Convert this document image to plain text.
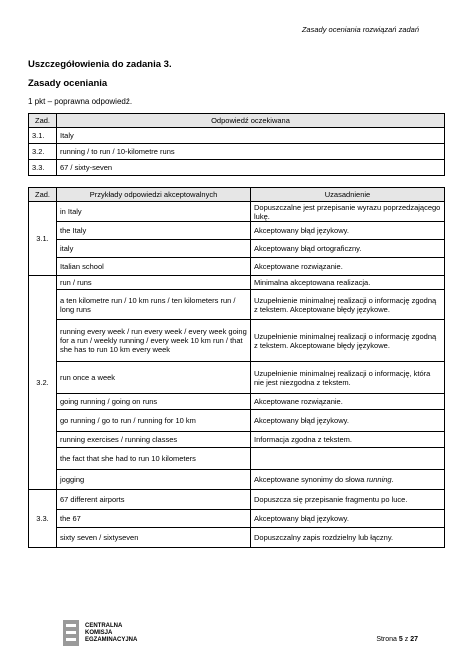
Zasady oceniania rozwiązań zadań
Uszczegółowienia do zadania 3.
Zasady oceniania
1 pkt – poprawna odpowiedź.
Zad.	Odpowiedź oczekiwana
3.1.	Italy
3.2.	running / to run / 10-kilometre runs
3.3.	67 / sixty-seven
Zad.	Przykłady odpowiedzi akceptowalnych	Uzasadnienie
3.1.	in Italy	Dopuszczalne jest przepisanie wyrazu poprzedzającego lukę.
	the Italy	Akceptowany błąd językowy.
	italy	Akceptowany błąd ortograficzny.
	Italian school	Akceptowane rozwiązanie.
3.2.	run / runs	Minimalna akceptowana realizacja.
	a ten kilometre run / 10 km runs / ten kilometers run / long runs	Uzupełnienie minimalnej realizacji o informację zgodną z tekstem. Akceptowane błędy językowe.
	running every week / run every week / every week going for a run / weekly running / every week 10 km run / that she has to run 10 km every week	Uzupełnienie minimalnej realizacji o informację zgodną z tekstem. Akceptowane błędy językowe.
	run once a week	Uzupełnienie minimalnej realizacji o informację, która nie jest niezgodna z tekstem.
	going running / going on runs	Akceptowane rozwiązanie.
	go running / go to run / running for 10 km	Akceptowany błąd językowy.
	running exercises / running classes	Informacja zgodna z tekstem.
	the fact that she had to run 10 kilometers	
	jogging	Akceptowane synonimy do słowa running.
3.3.	67 different airports	Dopuszcza się przepisanie fragmentu po luce.
	the 67	Akceptowany błąd językowy.
	sixty seven / sixtyseven	Dopuszczalny zapis rozdzielny lub łączny.
CENTRALNA
KOMISJA
EGZAMINACYJNA	Strona 5 z 27
